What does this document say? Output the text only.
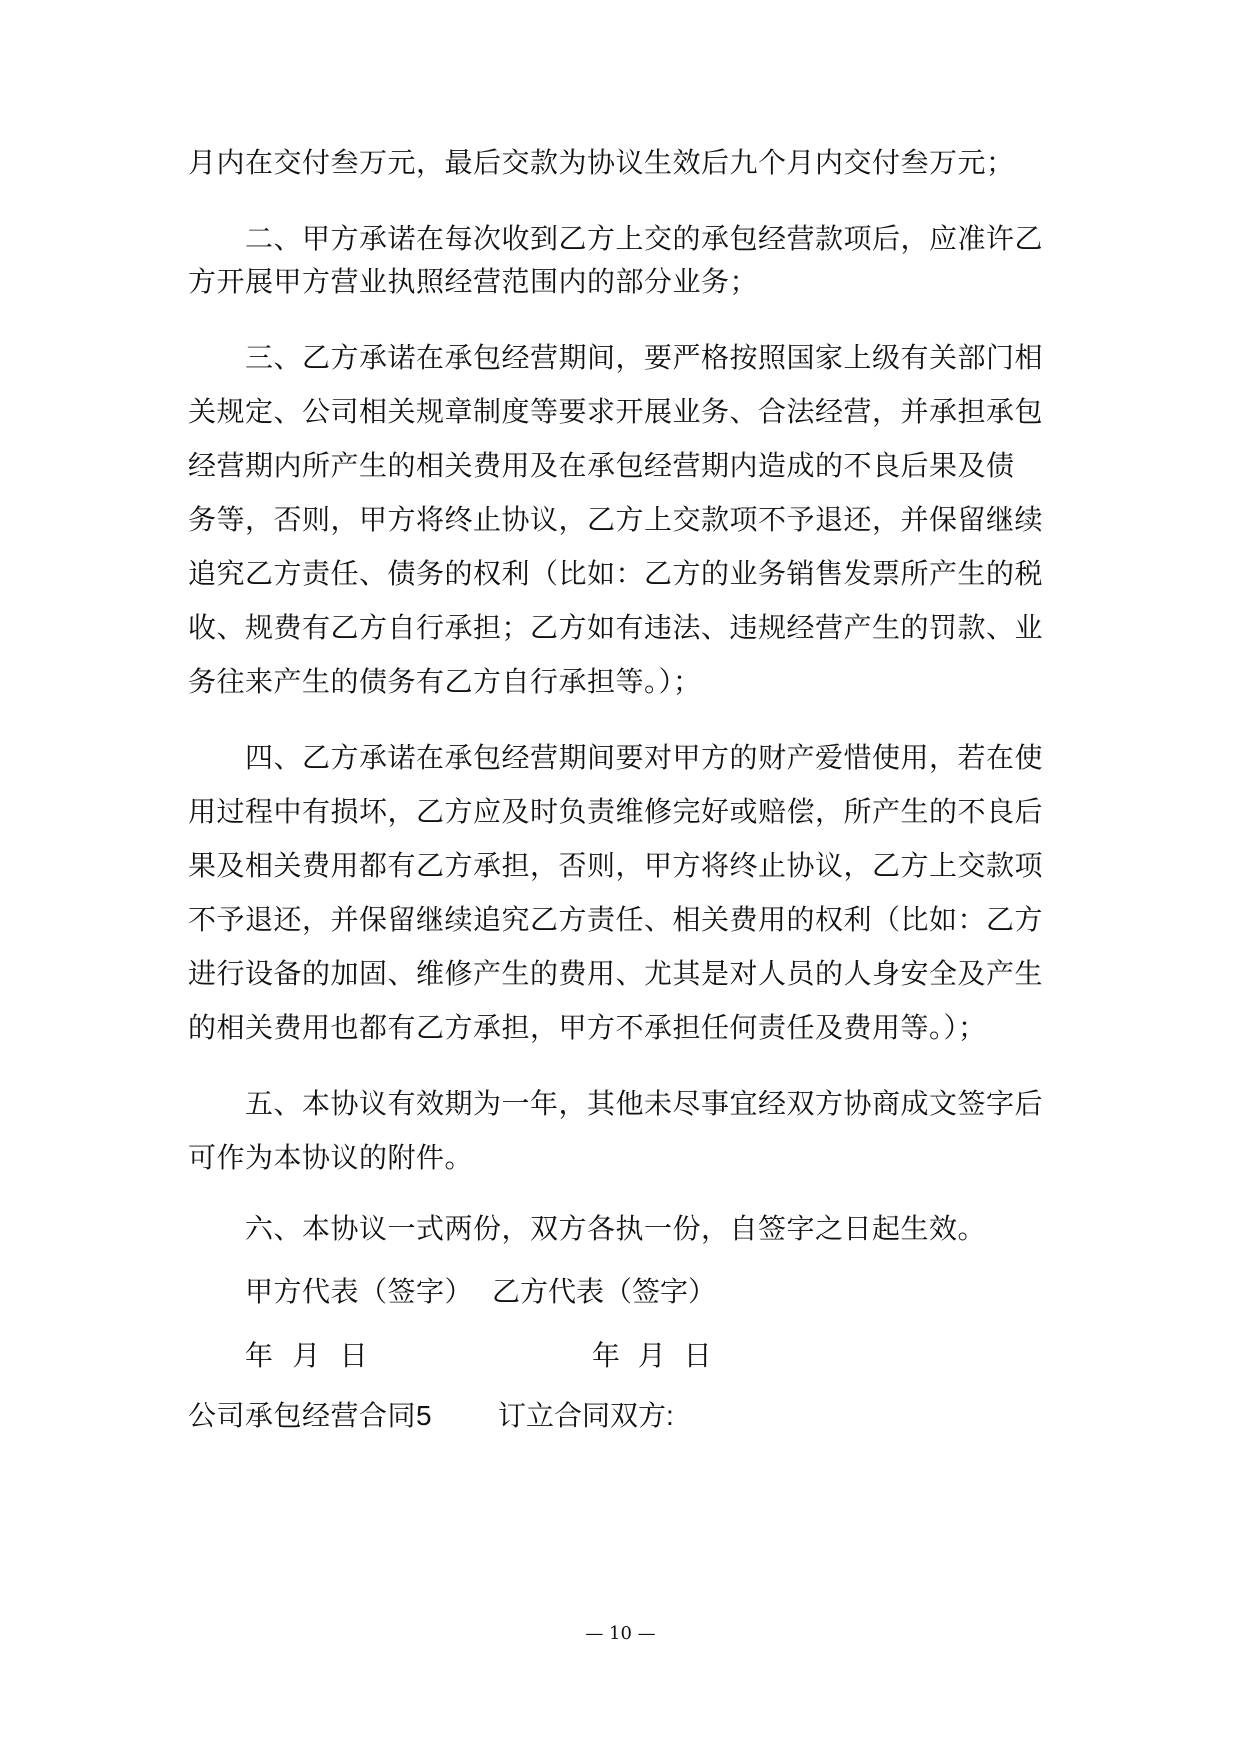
月内在交付叁万元，最后交款为协议生效后九个月内交付叁万元；
二、甲方承诺在每次收到乙方上交的承包经营款项后，应准许乙
方开展甲方营业执照经营范围内的部分业务；
三、乙方承诺在承包经营期间，要严格按照国家上级有关部门相
关规定、公司相关规章制度等要求开展业务、合法经营，并承担承包
经营期内所产生的相关费用及在承包经营期内造成的不良后果及债
务等，否则，甲方将终止协议，乙方上交款项不予退还，并保留继续
追究乙方责任、债务的权利（比如：乙方的业务销售发票所产生的税
收、规费有乙方自行承担；乙方如有违法、违规经营产生的罚款、业
务往来产生的债务有乙方自行承担等。）；
四、乙方承诺在承包经营期间要对甲方的财产爱惜使用，若在使
用过程中有损坏，乙方应及时负责维修完好或赔偿，所产生的不良后
果及相关费用都有乙方承担，否则，甲方将终止协议，乙方上交款项
不予退还，并保留继续追究乙方责任、相关费用的权利（比如：乙方
进行设备的加固、维修产生的费用、尤其是对人员的人身安全及产生
的相关费用也都有乙方承担，甲方不承担任何责任及费用等。）；
五、本协议有效期为一年，其他未尽事宜经双方协商成文签字后
可作为本协议的附件。
六、本协议一式两份，双方各执一份，自签字之日起生效。
甲方代表（签字） 乙方代表（签字）
年  月  日	年  月  日
公司承包经营合同5 订立合同双方:
— 10 —
